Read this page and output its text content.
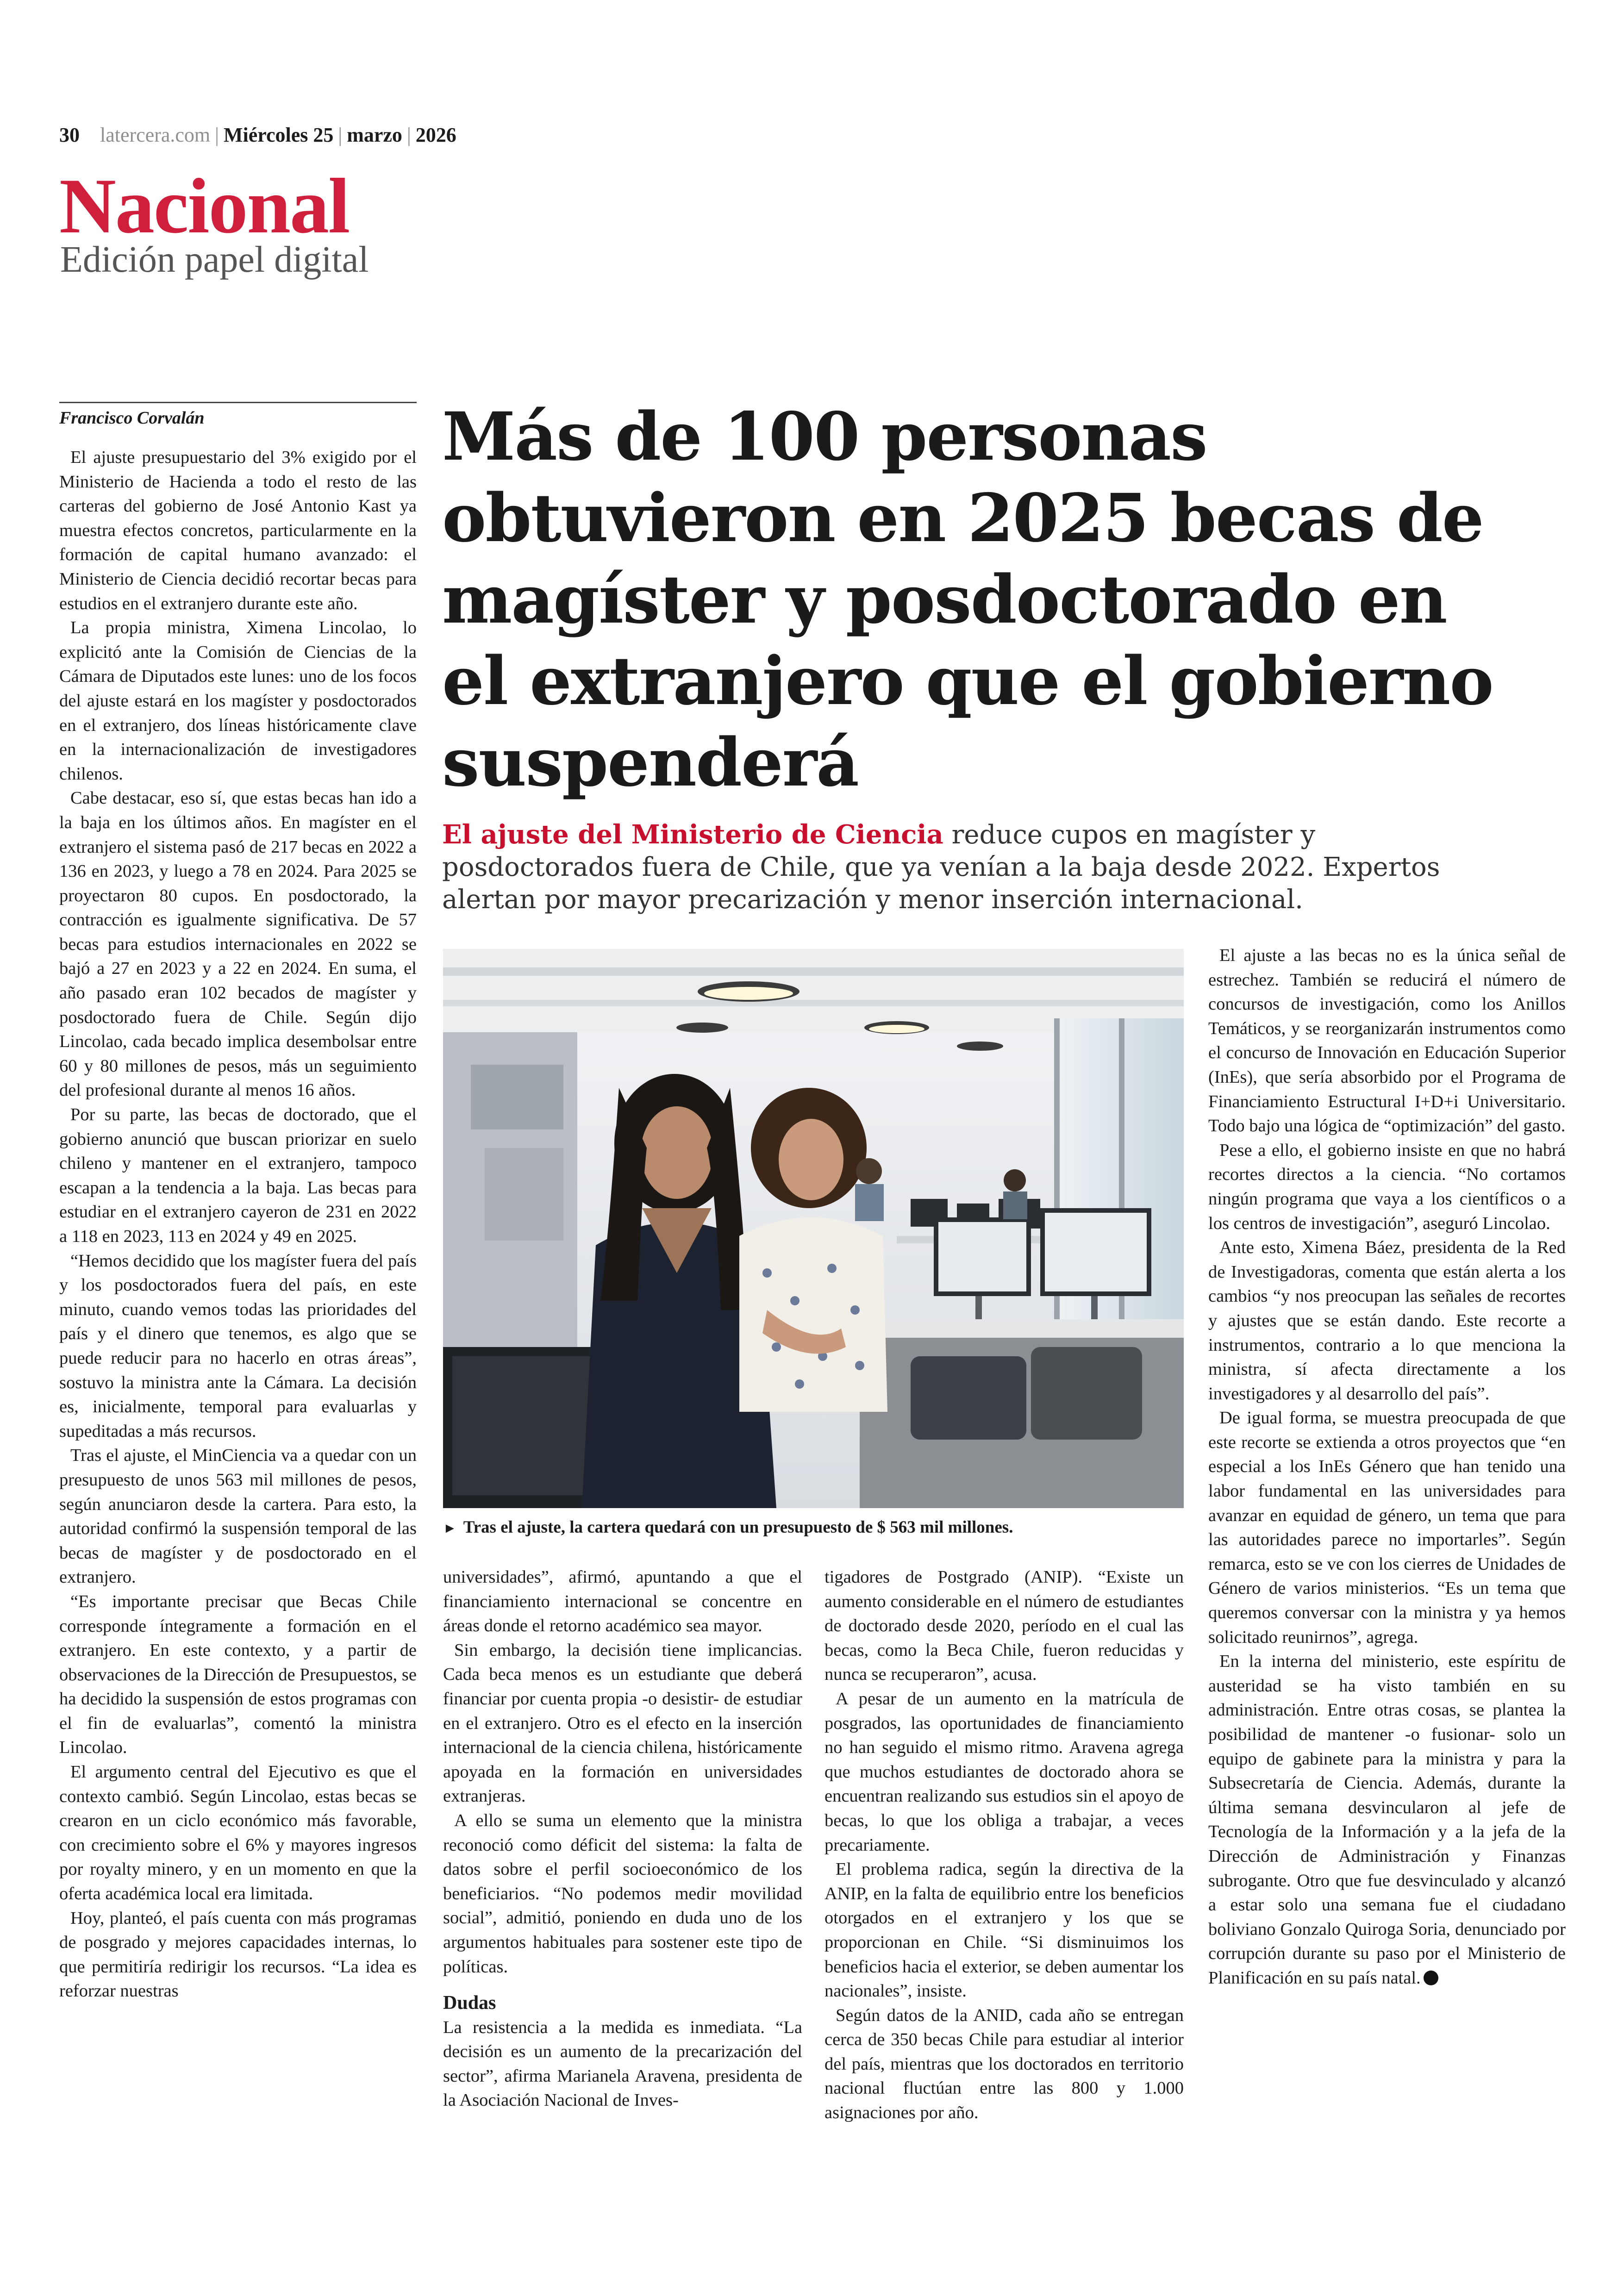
30 latercera.com | Miércoles 25 | marzo | 2026
Nacional
Edición papel digital
Francisco Corvalán	Más de 100 personas obtuvieron en 2025 becas de magíster y posdoctorado en el extranjero que el gobierno suspenderá
El ajuste del Ministerio de Ciencia reduce cupos en magíster y posdoctorados fuera de Chile, que ya venían a la baja desde 2022. Expertos alertan por mayor precarización y menor inserción internacional.

El ajuste presupuestario del 3% exigido por el Ministerio de Hacienda a todo el resto de las carteras del gobierno de José Antonio Kast ya muestra efectos concretos, particularmente en la formación de capital humano avanzado: el Ministerio de Ciencia decidió recortar becas para estudios en el extranjero durante este año.

La propia ministra, Ximena Lincolao, lo explicitó ante la Comisión de Ciencias de la Cámara de Diputados este lunes: uno de los focos del ajuste estará en los magíster y posdoctorados en el extranjero, dos líneas históricamente clave en la internacionalización de investigadores chilenos.

Cabe destacar, eso sí, que estas becas han ido a la baja en los últimos años. En magíster en el extranjero el sistema pasó de 217 becas en 2022 a 136 en 2023, y luego a 78 en 2024. Para 2025 se proyectaron 80 cupos. En posdoctorado, la contracción es igualmente significativa. De 57 becas para estudios internacionales en 2022 se bajó a 27 en 2023 y a 22 en 2024. En suma, el año pasado eran 102 becados de magíster y posdoctorado fuera de Chile. Según dijo Lincolao, cada becado implica desembolsar entre 60 y 80 millones de pesos, más un seguimiento del profesional durante al menos 16 años.

Por su parte, las becas de doctorado, que el gobierno anunció que buscan priorizar en suelo chileno y mantener en el extranjero, tampoco escapan a la tendencia a la baja. Las becas para estudiar en el extranjero cayeron de 231 en 2022 a 118 en 2023, 113 en 2024 y 49 en 2025.

“Hemos decidido que los magíster fuera del país y los posdoctorados fuera del país, en este minuto, cuando vemos todas las prioridades del país y el dinero que tenemos, es algo que se puede reducir para no hacerlo en otras áreas”, sostuvo la ministra ante la Cámara. La decisión es, inicialmente, temporal para evaluarlas y supeditadas a más recursos.

Tras el ajuste, el MinCiencia va a quedar con un presupuesto de unos 563 mil millones de pesos, según anunciaron desde la cartera. Para esto, la autoridad confirmó la suspensión temporal de las becas de magíster y de posdoctorado en el extranjero.

“Es importante precisar que Becas Chile corresponde íntegramente a formación en el extranjero. En este contexto, y a partir de observaciones de la Dirección de Presupuestos, se ha decidido la suspensión de estos programas con el fin de evaluarlas”, comentó la ministra Lincolao.

El argumento central del Ejecutivo es que el contexto cambió. Según Lincolao, estas becas se crearon en un ciclo económico más favorable, con crecimiento sobre el 6% y mayores ingresos por royalty minero, y en un momento en que la oferta académica local era limitada.

Hoy, planteó, el país cuenta con más programas de posgrado y mejores capacidades internas, lo que permitiría redirigir los recursos. “La idea es reforzar nuestras

► Tras el ajuste, la cartera quedará con un presupuesto de $ 563 mil millones.

universidades”, afirmó, apuntando a que el financiamiento internacional se concentre en áreas donde el retorno académico sea mayor.

Sin embargo, la decisión tiene implicancias. Cada beca menos es un estudiante que deberá financiar por cuenta propia -o desistir- de estudiar en el extranjero. Otro es el efecto en la inserción internacional de la ciencia chilena, históricamente apoyada en la formación en universidades extranjeras.

A ello se suma un elemento que la ministra reconoció como déficit del sistema: la falta de datos sobre el perfil socioeconómico de los beneficiarios. “No podemos medir movilidad social”, admitió, poniendo en duda uno de los argumentos habituales para sostener este tipo de políticas.

Dudas

La resistencia a la medida es inmediata. “La decisión es un aumento de la precarización del sector”, afirma Marianela Aravena, presidenta de la Asociación Nacional de Inves-

tigadores de Postgrado (ANIP). “Existe un aumento considerable en el número de estudiantes de doctorado desde 2020, período en el cual las becas, como la Beca Chile, fueron reducidas y nunca se recuperaron”, acusa.

A pesar de un aumento en la matrícula de posgrados, las oportunidades de financiamiento no han seguido el mismo ritmo. Aravena agrega que muchos estudiantes de doctorado ahora se encuentran realizando sus estudios sin el apoyo de becas, lo que los obliga a trabajar, a veces precariamente.

El problema radica, según la directiva de la ANIP, en la falta de equilibrio entre los beneficios otorgados en el extranjero y los que se proporcionan en Chile. “Si disminuimos los beneficios hacia el exterior, se deben aumentar los nacionales”, insiste.

Según datos de la ANID, cada año se entregan cerca de 350 becas Chile para estudiar al interior del país, mientras que los doctorados en territorio nacional fluctúan entre las 800 y 1.000 asignaciones por año.

El ajuste a las becas no es la única señal de estrechez. También se reducirá el número de concursos de investigación, como los Anillos Temáticos, y se reorganizarán instrumentos como el concurso de Innovación en Educación Superior (InEs), que sería absorbido por el Programa de Financiamiento Estructural I+D+i Universitario. Todo bajo una lógica de “optimización” del gasto.

Pese a ello, el gobierno insiste en que no habrá recortes directos a la ciencia. “No cortamos ningún programa que vaya a los científicos o a los centros de investigación”, aseguró Lincolao.

Ante esto, Ximena Báez, presidenta de la Red de Investigadoras, comenta que están alerta a los cambios “y nos preocupan las señales de recortes y ajustes que se están dando. Este recorte a instrumentos, contrario a lo que menciona la ministra, sí afecta directamente a los investigadores y al desarrollo del país”.

De igual forma, se muestra preocupada de que este recorte se extienda a otros proyectos que “en especial a los InEs Género que han tenido una labor fundamental en las universidades para avanzar en equidad de género, un tema que para las autoridades parece no importarles”. Según remarca, esto se ve con los cierres de Unidades de Género de varios ministerios. “Es un tema que queremos conversar con la ministra y ya hemos solicitado reunirnos”, agrega.

En la interna del ministerio, este espíritu de austeridad se ha visto también en su administración. Entre otras cosas, se plantea la posibilidad de mantener -o fusionar- solo un equipo de gabinete para la ministra y para la Subsecretaría de Ciencia. Además, durante la última semana desvincularon al jefe de Tecnología de la Información y a la jefa de la Dirección de Administración y Finanzas subrogante. Otro que fue desvinculado y alcanzó a estar solo una semana fue el ciudadano boliviano Gonzalo Quiroga Soria, denunciado por corrupción durante su paso por el Ministerio de Planificación en su país natal.
